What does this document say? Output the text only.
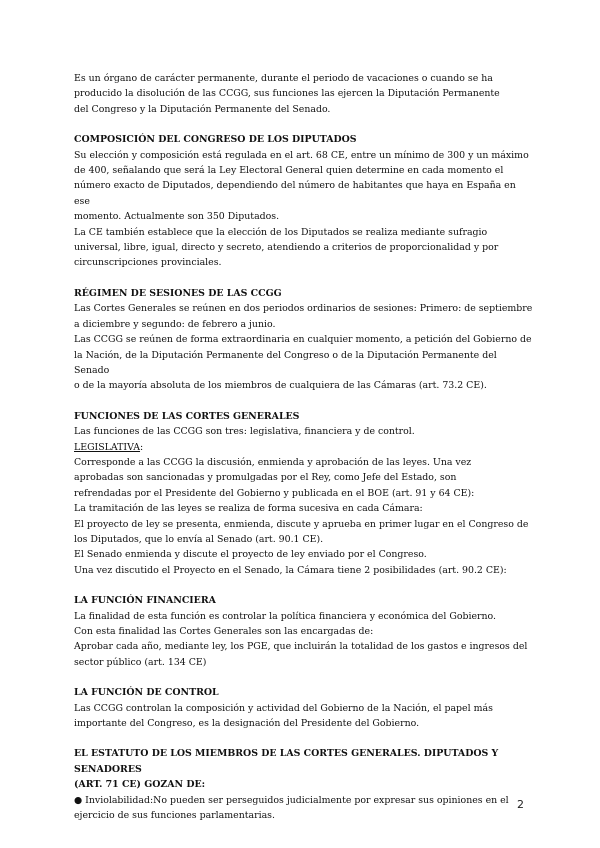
Es un órgano de carácter permanente, durante el periodo de vacaciones o cuando se ha

producido la disolución de las CCGG, sus funciones las ejercen la Diputación Permanente

del Congreso y la Diputación Permanente del Senado.

COMPOSICIÓN DEL CONGRESO DE LOS DIPUTADOS

Su elección y composición está regulada en el art. 68 CE, entre un mínimo de 300 y un máximo

de 400, señalando que será la Ley Electoral General quien determine en cada momento el

número exacto de Diputados, dependiendo del número de habitantes que haya en España en ese

momento. Actualmente son 350 Diputados.

La CE también establece que la elección de los Diputados se realiza mediante sufragio

universal, libre, igual, directo y secreto, atendiendo a criterios de proporcionalidad y por

circunscripciones provinciales.

RÉGIMEN DE SESIONES DE LAS CCGG

Las Cortes Generales se reúnen en dos periodos ordinarios de sesiones: Primero: de septiembre

a diciembre y segundo: de febrero a junio.

Las CCGG se reúnen de forma extraordinaria en cualquier momento, a petición del Gobierno de

la Nación, de la Diputación Permanente del Congreso o de la Diputación Permanente del Senado

o de la mayoría absoluta de los miembros de cualquiera de las Cámaras (art. 73.2 CE).

FUNCIONES DE LAS CORTES GENERALES

Las funciones de las CCGG son tres: legislativa, financiera y de control.

LEGISLATIVA:

Corresponde a las CCGG la discusión, enmienda y aprobación de las leyes. Una vez

aprobadas son sancionadas y promulgadas por el Rey, como Jefe del Estado, son

refrendadas por el Presidente del Gobierno y publicada en el BOE (art. 91 y 64 CE):

La tramitación de las leyes se realiza de forma sucesiva en cada Cámara:

El proyecto de ley se presenta, enmienda, discute y aprueba en primer lugar en el Congreso de

los Diputados, que lo envía al Senado (art. 90.1 CE).

El Senado enmienda y discute el proyecto de ley enviado por el Congreso.

Una vez discutido el Proyecto en el Senado, la Cámara tiene 2 posibilidades (art. 90.2 CE):

LA FUNCIÓN FINANCIERA

La finalidad de esta función es controlar la política financiera y económica del Gobierno.

Con esta finalidad las Cortes Generales son las encargadas de:

Aprobar cada año, mediante ley, los PGE, que incluirán la totalidad de los gastos e ingresos del

sector público (art. 134 CE)

LA FUNCIÓN DE CONTROL

Las CCGG controlan la composición y actividad del Gobierno de la Nación, el papel más

importante del Congreso, es la designación del Presidente del Gobierno.

EL ESTATUTO DE LOS MIEMBROS DE LAS CORTES GENERALES. DIPUTADOS Y SENADORES

(ART. 71 CE) GOZAN DE:

● Inviolabilidad:No pueden ser perseguidos judicialmente por expresar sus opiniones en el

ejercicio de sus funciones parlamentarias.

2
